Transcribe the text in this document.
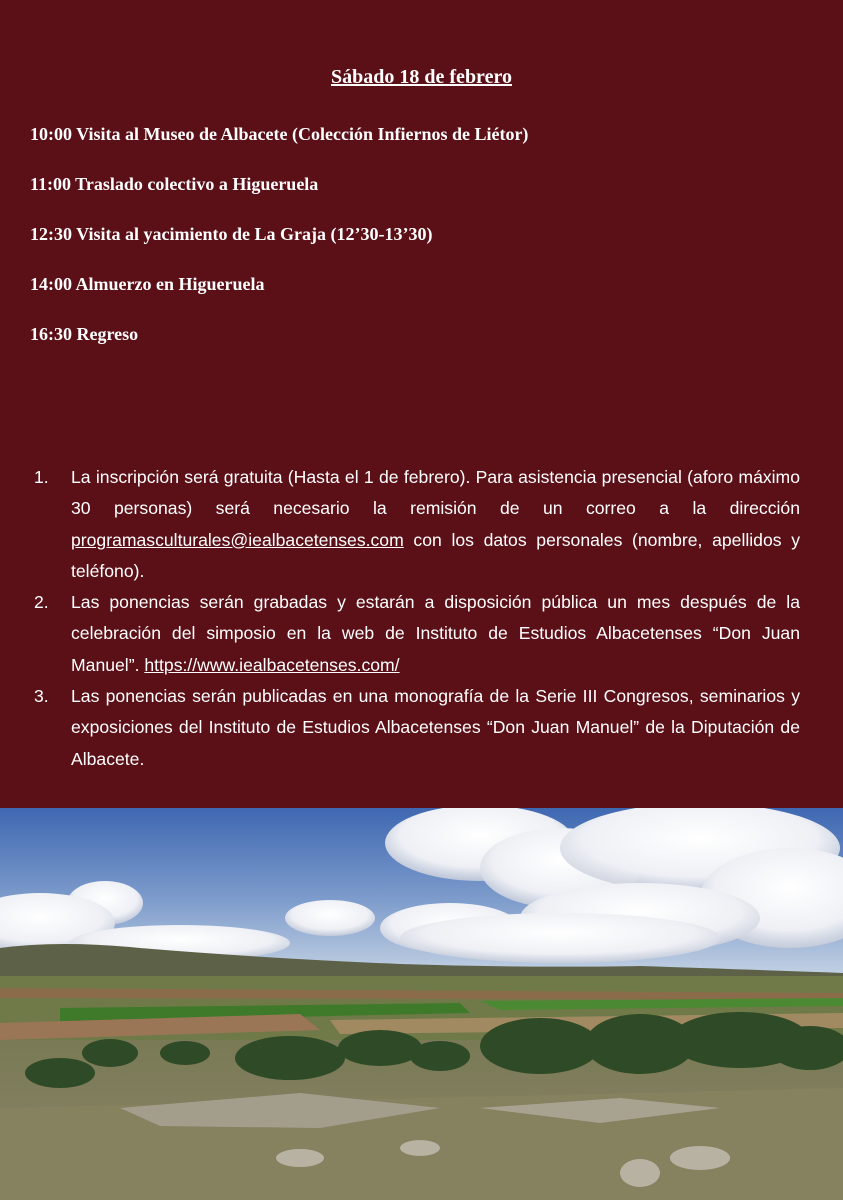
Sábado 18 de febrero
10:00 Visita al Museo de Albacete (Colección Infiernos de Liétor)
11:00 Traslado colectivo a Higueruela
12:30 Visita al yacimiento de La Graja (12’30-13’30)
14:00 Almuerzo en Higueruela
16:30 Regreso
1. La inscripción será gratuita (Hasta el 1 de febrero). Para asistencia presencial (aforo máximo 30 personas) será necesario la remisión de un correo a la dirección programasculturales@iealbacetenses.com con los datos personales (nombre, apellidos y teléfono).
2. Las ponencias serán grabadas y estarán a disposición pública un mes después de la celebración del simposio en la web de Instituto de Estudios Albacetenses “Don Juan Manuel”. https://www.iealbacetenses.com/
3. Las ponencias serán publicadas en una monografía de la Serie III Congresos, seminarios y exposiciones del Instituto de Estudios Albacetenses “Don Juan Manuel” de la Diputación de Albacete.
